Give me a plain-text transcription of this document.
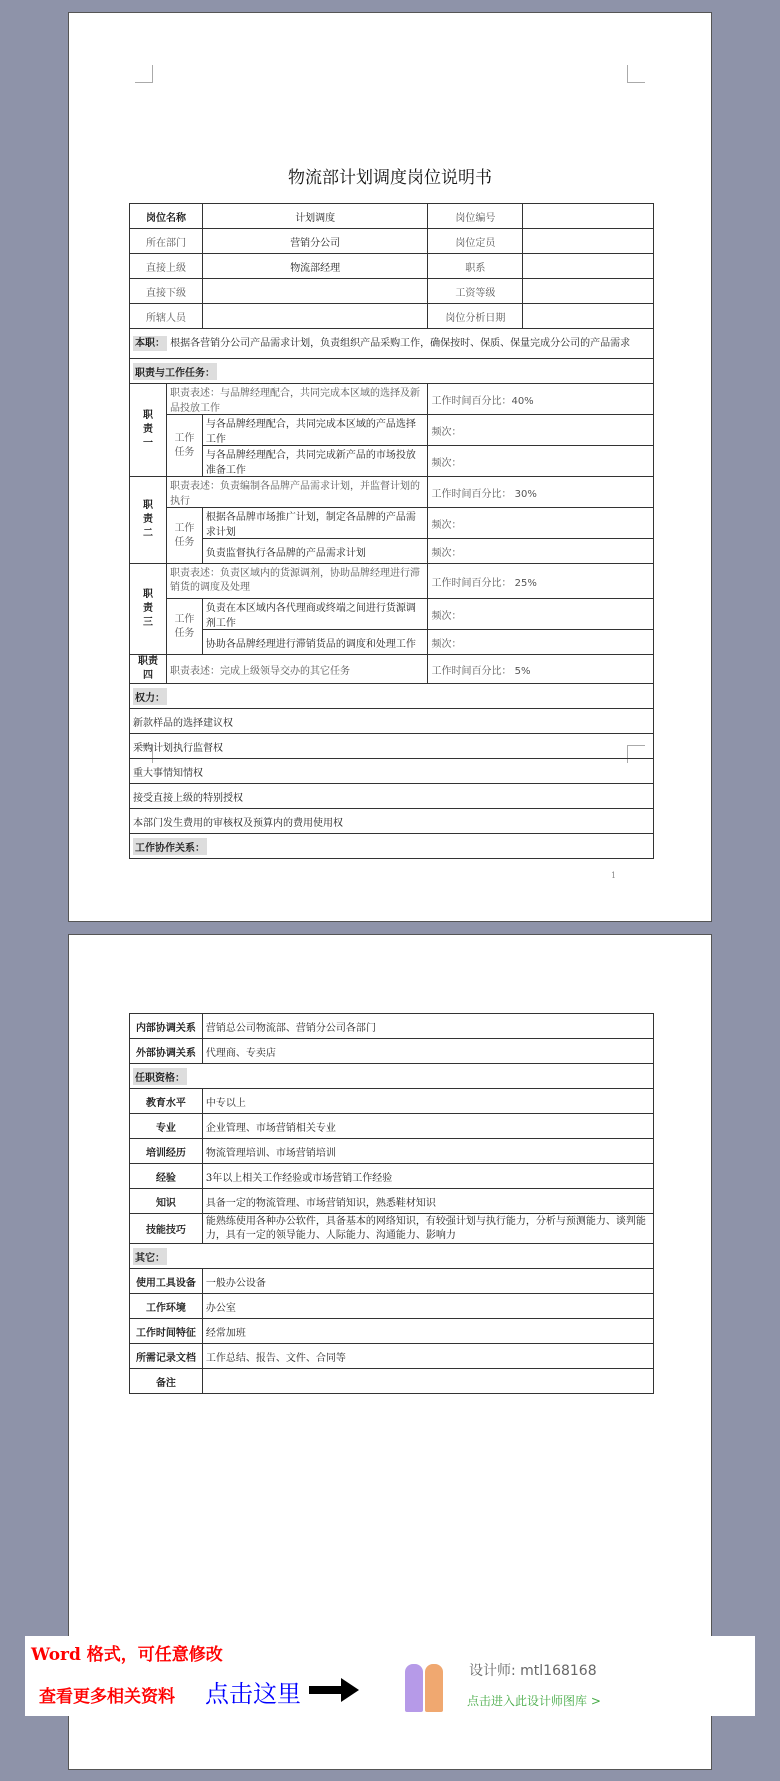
物流部计划调度岗位说明书
岗位名称		计划调度	岗位编号	
所在部门		营销分公司	岗位定员	
直接上级		物流部经理	职系	
直接下级			工资等级	
所辖人员			岗位分析日期	
本职： 根据各营销分公司产品需求计划，负责组织产品采购工作，确保按时、保质、保量完成分公司的产品需求				
职责与工作任务：				
职责一	职责表述：与品牌经理配合，共同完成本区域的选择及新品投放工作		工作时间百分比：40%	
	工作任务	与各品牌经理配合，共同完成本区域的产品选择工作	频次：	
		与各品牌经理配合，共同完成新产品的市场投放准备工作	频次：	
职责二	职责表述：负责编制各品牌产品需求计划，并监督计划的执行		工作时间百分比： 30%	
	工作任务	根据各品牌市场推广计划，制定各品牌的产品需求计划	频次：	
		负责监督执行各品牌的产品需求计划	频次：	
职责三	职责表述：负责区域内的货源调剂，协助品牌经理进行滞销货的调度及处理		工作时间百分比： 25%	
	工作任务	负责在本区域内各代理商或终端之间进行货源调剂工作	频次：	
		协助各品牌经理进行滞销货品的调度和处理工作	频次：	
职责四	职责表述：完成上级领导交办的其它任务		工作时间百分比： 5%	
权力：				
新款样品的选择建议权				
采购计划执行监督权				
重大事情知情权				
接受直接上级的特别授权				
本部门发生费用的审核权及预算内的费用使用权				
工作协作关系：				
1
内部协调关系	营销总公司物流部、营销分公司各部门
外部协调关系	代理商、专卖店
任职资格：	
教育水平	中专以上
专业	企业管理、市场营销相关专业
培训经历	物流管理培训、市场营销培训
经验	3年以上相关工作经验或市场营销工作经验
知识	具备一定的物流管理、市场营销知识，熟悉鞋材知识
技能技巧	能熟练使用各种办公软件，具备基本的网络知识，有较强计划与执行能力，分析与预测能力、谈判能力，具有一定的领导能力、人际能力、沟通能力、影响力
其它：	
使用工具设备	一般办公设备
工作环境	办公室
工作时间特征	经常加班
所需记录文档	工作总结、报告、文件、合同等
备注	
Word 格式，可任意修改
查看更多相关资料 点击这里
设计师: mtl168168
点击进入此设计师图库 >
